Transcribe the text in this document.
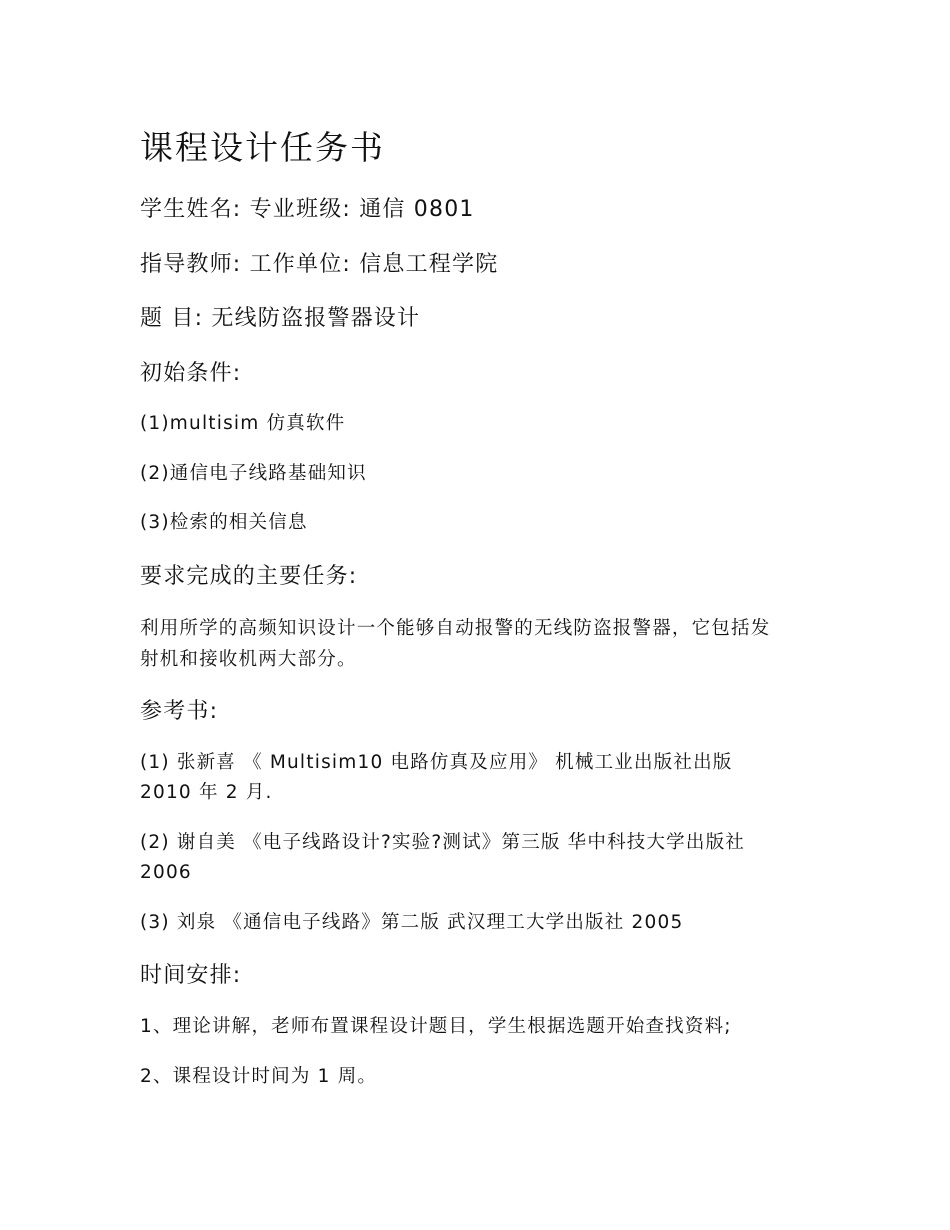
课程设计任务书
学生姓名: 专业班级: 通信 0801
指导教师: 工作单位: 信息工程学院
题 目: 无线防盗报警器设计
初始条件:
(1)multisim 仿真软件
(2)通信电子线路基础知识
(3)检索的相关信息
要求完成的主要任务:
利用所学的高频知识设计一个能够自动报警的无线防盗报警器，它包括发
射机和接收机两大部分。
参考书:
(1) 张新喜 《 Multisim10 电路仿真及应用》 机械工业出版社出版
2010 年 2 月.
(2) 谢自美 《电子线路设计?实验?测试》第三版 华中科技大学出版社
2006
(3) 刘泉 《通信电子线路》第二版 武汉理工大学出版社 2005
时间安排:
1、理论讲解，老师布置课程设计题目，学生根据选题开始查找资料;
2、课程设计时间为 1 周。
